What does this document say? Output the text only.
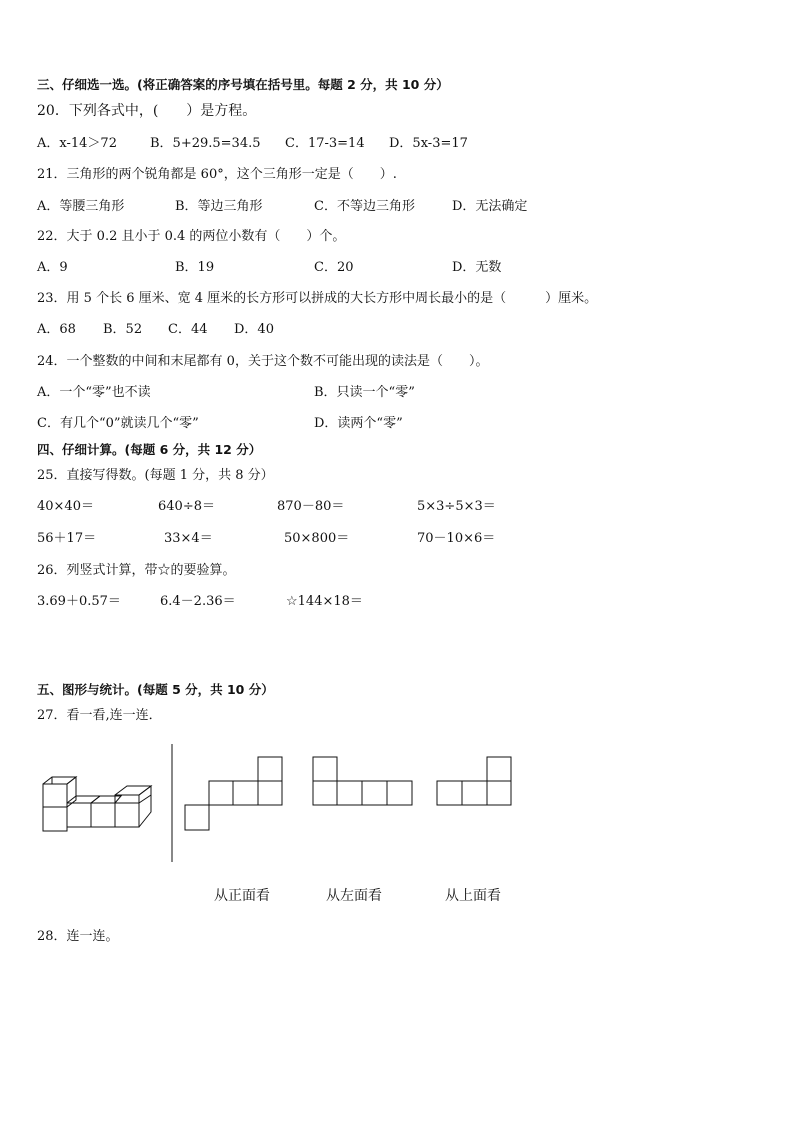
三、仔细选一选。(将正确答案的序号填在括号里。每题 2 分，共 10 分）
20．下列各式中，(　　）是方程。
A．x-14＞72	B．5+29.5=34.5 C．17-3=14 D．5x-3=17
21．三角形的两个锐角都是 60°，这个三角形一定是（　　）.
A．等腰三角形	B．等边三角形	C．不等边三角形	D．无法确定
22．大于 0.2 且小于 0.4 的两位小数有（　　）个。
A．9	B．19	C．20	D．无数
23．用 5 个长 6 厘米、宽 4 厘米的长方形可以拼成的大长方形中周长最小的是（　　　）厘米。
A．68 B．52 C．44 D．40
24．一个整数的中间和末尾都有 0，关于这个数不可能出现的读法是（　　）。
A．一个“零”也不读	B．只读一个“零”
C．有几个“0”就读几个“零”	D．读两个“零”
四、仔细计算。(每题 6 分，共 12 分）
25．直接写得数。(每题 1 分，共 8 分）
40×40＝	640÷8＝	870－80＝	5×3÷5×3＝
56＋17＝	33×4＝	50×800＝	70－10×6＝
26．列竖式计算，带☆的要验算。
3.69＋0.57＝	6.4－2.36＝	☆144×18＝
五、图形与统计。(每题 5 分，共 10 分）
27．看一看,连一连．
从正面看	从左面看	从上面看
28．连一连。
